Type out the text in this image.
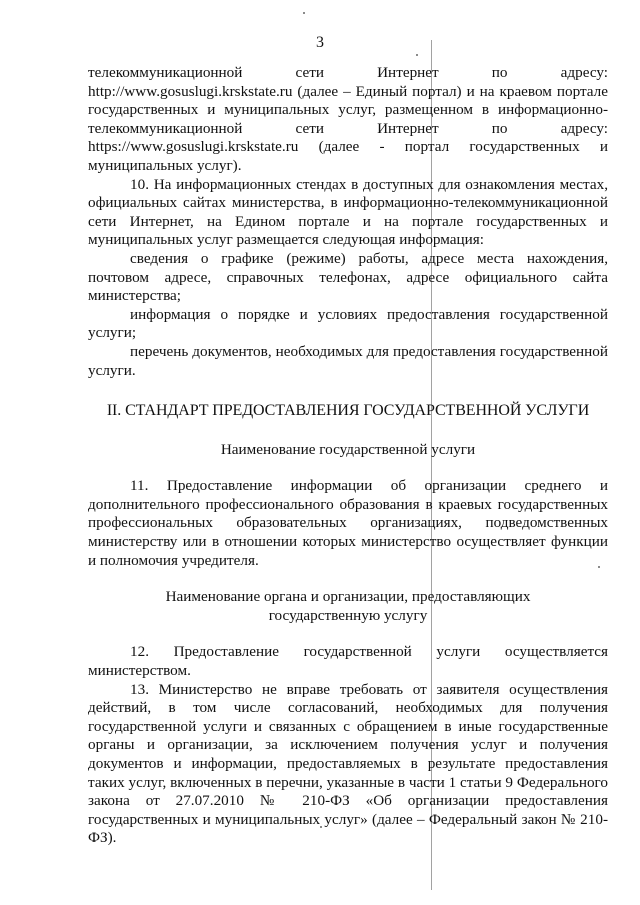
3

телекоммуникационной сети Интернет по адресу: http://www.gosuslugi.krskstate.ru (далее – Единый портал) и на краевом портале государственных и муниципальных услуг, размещенном в информационно-телекоммуникационной сети Интернет по адресу: https://www.gosuslugi.krskstate.ru (далее - портал государственных и муниципальных услуг).

10. На информационных стендах в доступных для ознакомления местах, официальных сайтах министерства, в информационно-телекоммуникационной сети Интернет, на Едином портале и на портале государственных и муниципальных услуг размещается следующая информация:

сведения о графике (режиме) работы, адресе места нахождения, почтовом адресе, справочных телефонах, адресе официального сайта министерства;

информация о порядке и условиях предоставления государственной услуги;

перечень документов, необходимых для предоставления государственной услуги.

II. СТАНДАРТ ПРЕДОСТАВЛЕНИЯ ГОСУДАРСТВЕННОЙ УСЛУГИ
Наименование государственной услуги

11. Предоставление информации об организации среднего и дополнительного профессионального образования в краевых государственных профессиональных образовательных организациях, подведомственных министерству или в отношении которых министерство осуществляет функции и полномочия учредителя.

Наименование органа и организации, предоставляющих
государственную услугу

12. Предоставление государственной услуги осуществляется министерством.

13. Министерство не вправе требовать от заявителя осуществления действий, в том числе согласований, необходимых для получения государственной услуги и связанных с обращением в иные государственные органы и организации, за исключением получения услуг и получения документов и информации, предоставляемых в результате предоставления таких услуг, включенных в перечни, указанные в части 1 статьи 9 Федерального закона от 27.07.2010 № 210-ФЗ «Об организации предоставления государственных и муниципальных услуг» (далее – Федеральный закон № 210-ФЗ).
